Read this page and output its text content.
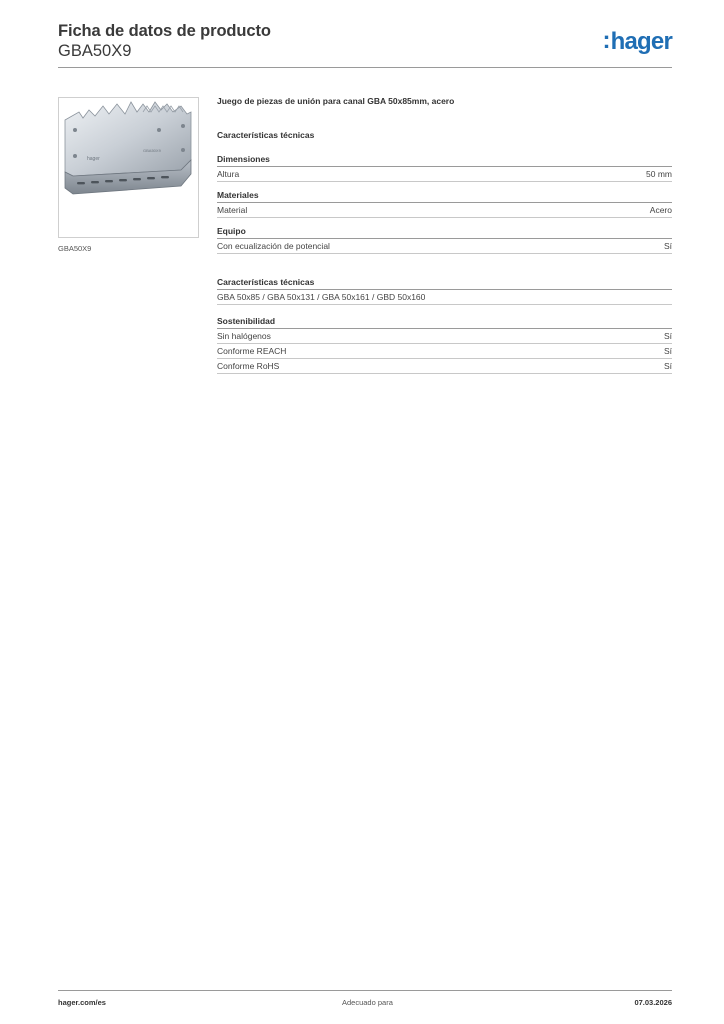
Ficha de datos de producto
GBA50X9	:hager
hager
GBA50X9
GBA50X9
Juego de piezas de unión para canal GBA 50x85mm, acero
Características técnicas
Dimensiones
Altura	50 mm
Materiales
Material	Acero
Equipo
Con ecualización de potencial	Sí
Características técnicas
GBA 50x85 / GBA 50x131 / GBA 50x161 / GBD 50x160
Sostenibilidad
Sin halógenos	Sí
Conforme REACH	Sí
Conforme RoHS	Sí
hager.com/es	Adecuado para	07.03.2026
